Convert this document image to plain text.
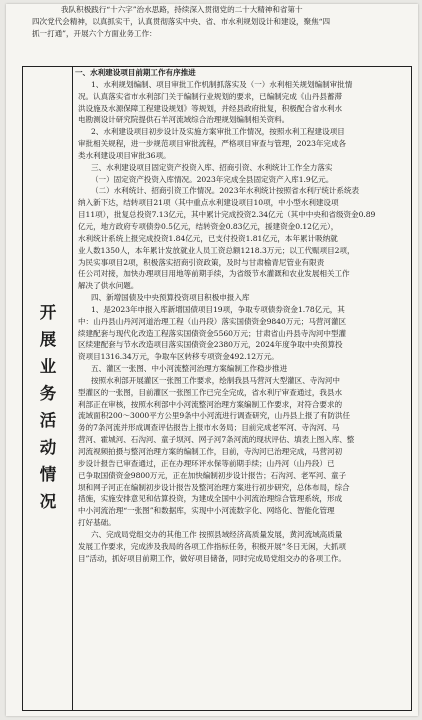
我队积极践行“十六字”治水思路，持续深入贯彻党的二十大精神和省第十

四次党代会精神，以真抓实干，认真贯彻落实中央、省、市水利规划设计和建设，聚焦“四

抓一打通”，开展六个方面业务工作：

开
展
业
务
活
动
情
况

一、水利建设项目前期工作有序推进

1、水利规划编制、项目审批工作机制抓落实及（一）水利相关规划编制审批情

况。认真落实省市水利部门关于编制行业规划的要求，已编制完成《山丹县蓄滞

洪设施及水源保障工程建设规划》等规划，并经县政府批复，积极配合省水利水

电勘测设计研究院提供石羊河流域综合治理规划编制相关资料。

2、水利建设项目初步设计及实施方案审批工作情况，按照水利工程建设项目

审批相关规程，进一步规范项目审批流程，严格项目审查与管理，2023年完成各

类水利建设项目审批36项。

三、水利建设项目固定资产投资入库、招商引资、水利统计工作全力落实

（一）固定资产投资入库情况。2023年完成全县固定资产入库1.9亿元。

（二）水利统计、招商引资工作情况。2023年水利统计按照省水利厅统计系统表

纳入新下达，结转项目21项（其中重点水利建设项目10项，中小型水利建设项

目11项），批复总投资7.13亿元，其中累计完成投资2.34亿元（其中中央和省级资金0.89

亿元，地方政府专项债券0.5亿元，结转资金0.83亿元，援建资金0.12亿元），

水利统计系统上报完成投资1.84亿元，已支付投资1.81亿元，本年累计吸纳就

业人数1350人，本年累计发放就业人员工资总额1218.3万元；以工代赈项目2项，

为民实事项目2项，积极落实招商引资政策，及时与甘肃榆青尼管业有限责

任公司对接，加快办理项目用地等前期手续，为省级节水灌溉和农业发展相关工作

解决了供水问题。

四、新增国债及中央预算投资项目积极申报入库

1、是2023年申报入库新增国债项目19项，争取专项债券资金1.78亿元，其

中：山丹县山丹河河道治理工程（山丹段）落实国债资金9840万元；马营河灌区

续建配套与现代化改造工程落实国债资金5560万元；甘肃省山丹县寺沟河中型灌

区续建配套与节水改造项目落实国债资金2380万元，2024年度争取中央预算投

资项目1316.34万元，争取车区转移专项资金492.12万元。

五、灌区一张图、中小河流整河治理方案编制工作稳步推进

按照水利部开展灌区一张图工作要求，绘制我县马营河大型灌区、寺沟河中

型灌区的一张图，目前灌区一张图工作已完全完成，省水利厅审查通过，我县水

利部正在审核，按照水利部中小河流整河治理方案编制工作要求，对符合要求的

流域面积200～3000平方公里9条中小河流进行调查研究，山丹县上报了有防洪任

务的7条河流并形成调查评估报告上报市水务局；目前完成老军河、寺沟河、马

营河、霍城河、石沟河、童子坝河、网子河7条河流的现状评估、填表上图入库、整

河流视频拍摄与整河治理方案的编制工作，目前，寺沟河已治理完成，马营河初

步设计报告已审查通过，正在办理环评水保等前期手续；山丹河（山丹段）已

已争取国债资金9800万元，正在加快编制初步设计报告；石沟河、老军河、童子

坝和网子河正在编制初步设计报告及整河治理方案进行初步研究，总体布局，综合

措施，实施安排意见和估算投资，为建成全国中小河流治理综合管理系统，形成

中小河流治理“一张图”和数据库，实现中小河流数字化、网络化、智能化管理

打好基础。

六、完成局党组交办的其他工作 按照县域经济高质量发展，黄河流域高质量

发展工作要求，完成涉及我局的各项工作指标任务，积极开展“冬日无闲，大抓项

目”活动，抓好项目前期工作，做好项目储备，同时完成局党组交办的各项工作。
